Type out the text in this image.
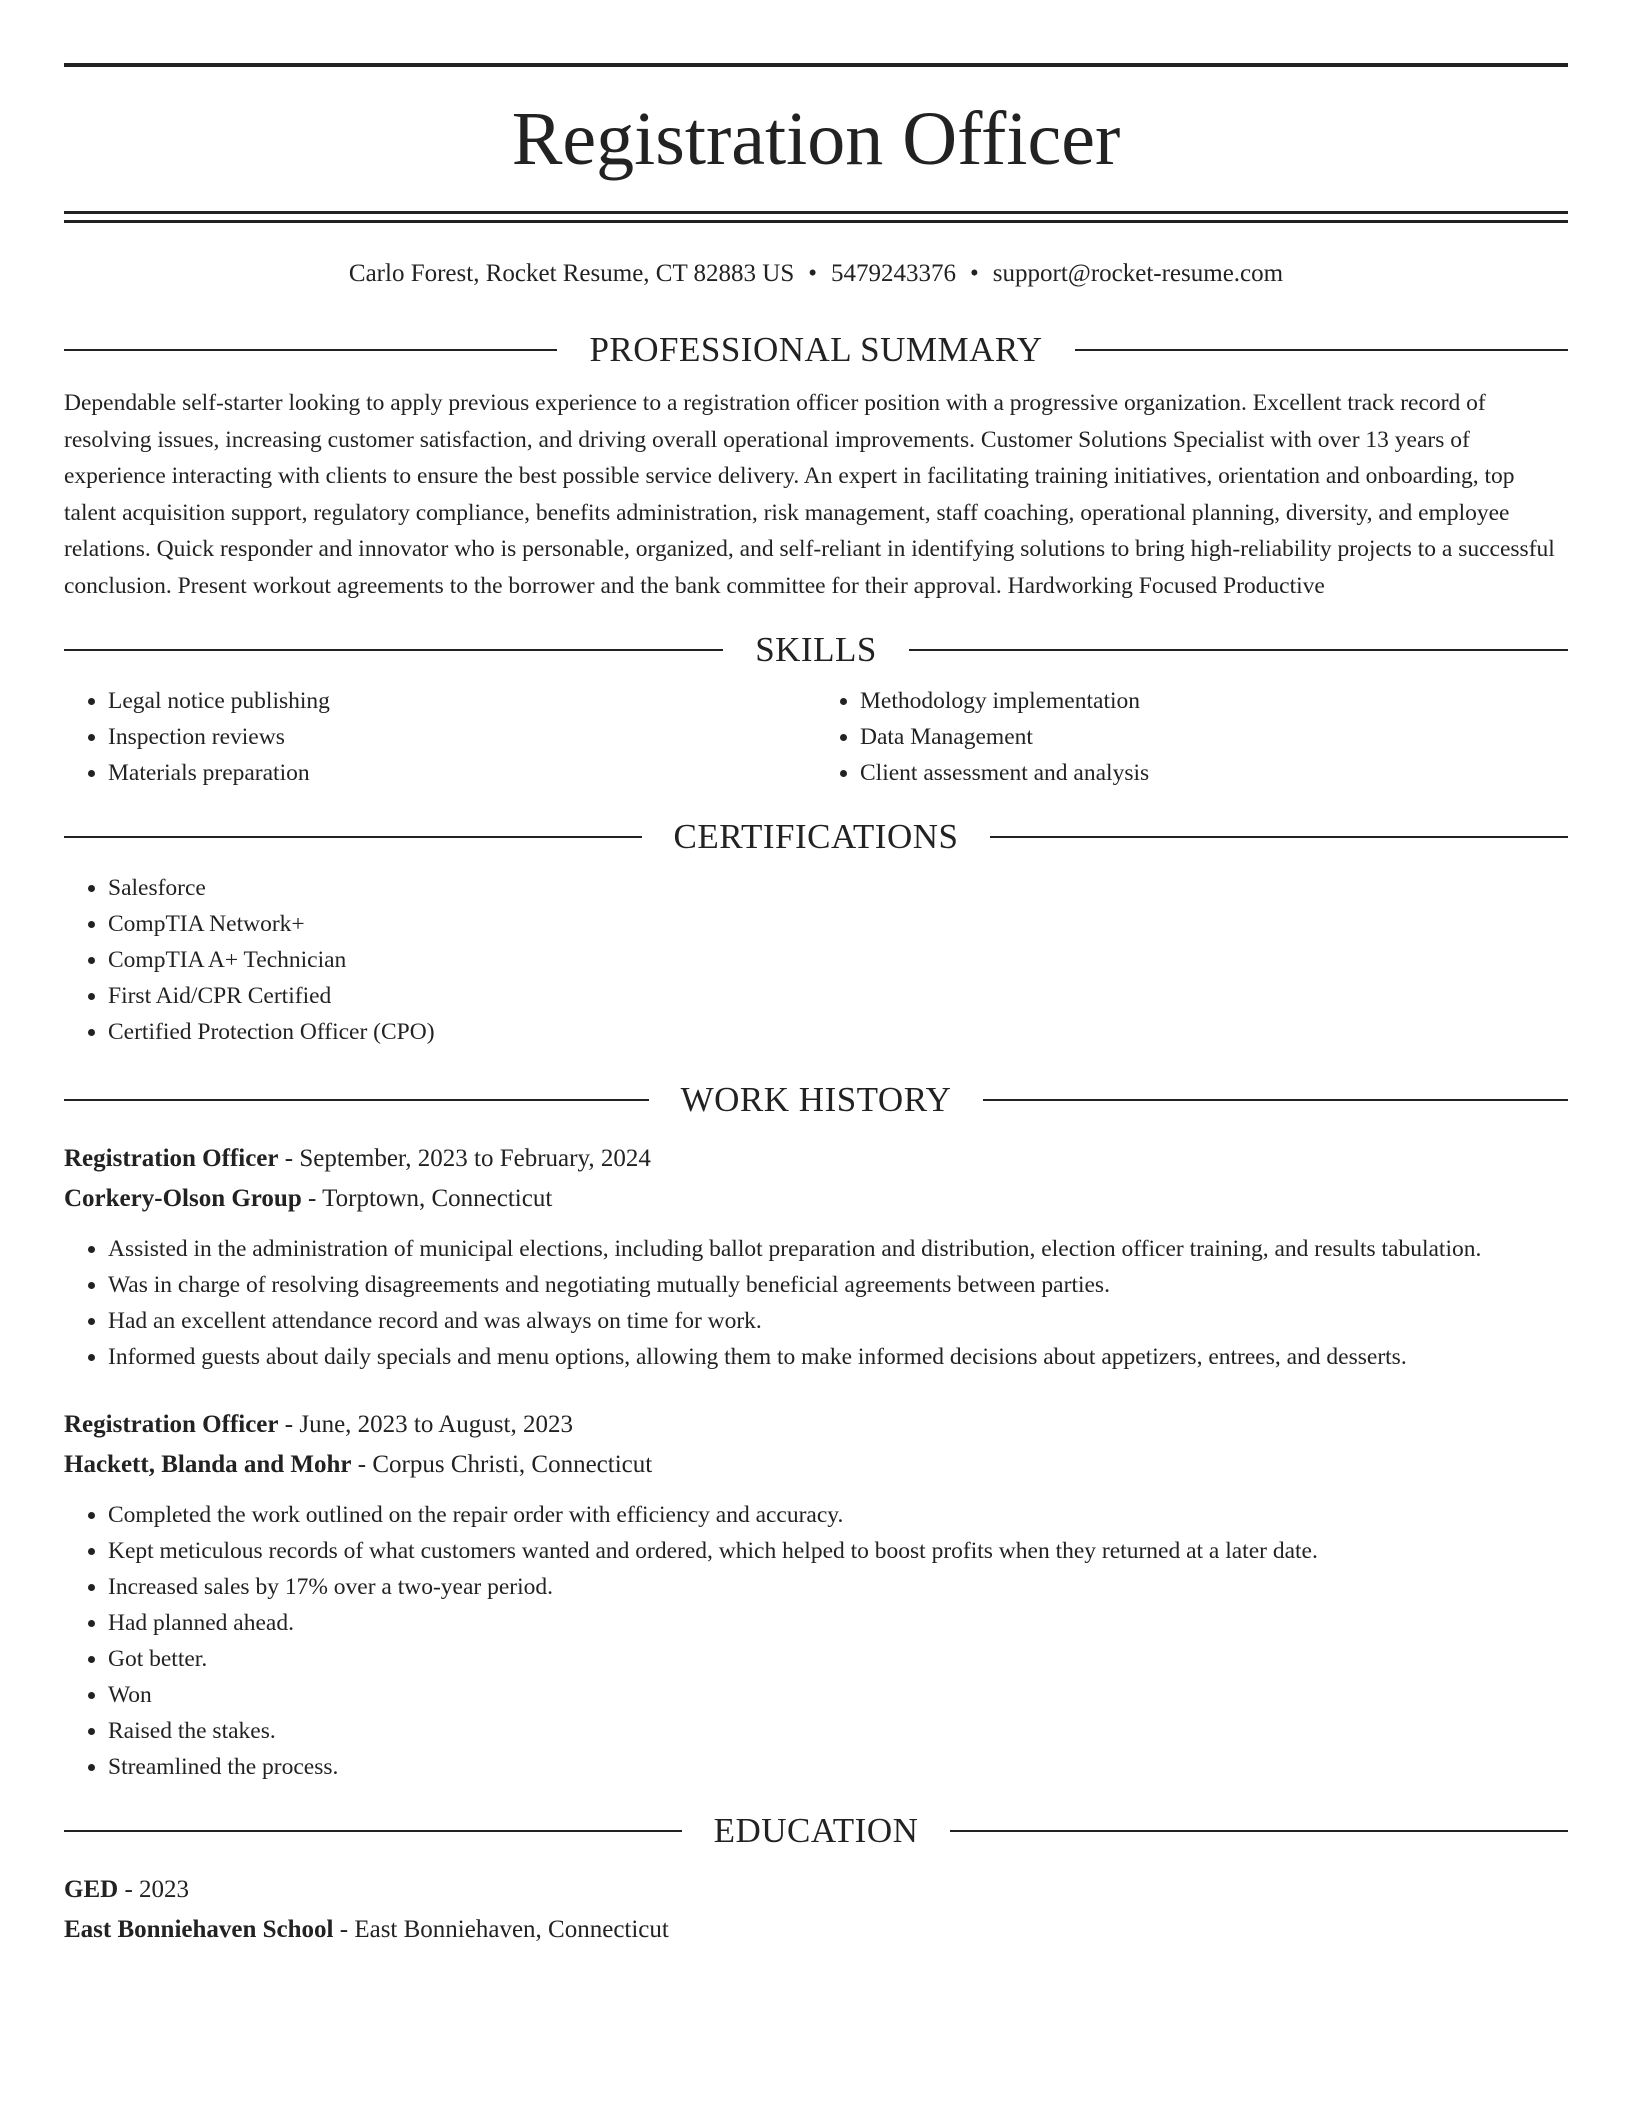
Registration Officer
Carlo Forest, Rocket Resume, CT 82883 US • 5479243376 • support@rocket-resume.com
PROFESSIONAL SUMMARY

Dependable self-starter looking to apply previous experience to a registration officer position with a progressive organization. Excellent track record of resolving issues, increasing customer satisfaction, and driving overall operational improvements. Customer Solutions Specialist with over 13 years of experience interacting with clients to ensure the best possible service delivery. An expert in facilitating training initiatives, orientation and onboarding, top talent acquisition support, regulatory compliance, benefits administration, risk management, staff coaching, operational planning, diversity, and employee relations. Quick responder and innovator who is personable, organized, and self-reliant in identifying solutions to bring high-reliability projects to a successful conclusion. Present workout agreements to the borrower and the bank committee for their approval. Hardworking Focused Productive

SKILLS
• Legal notice publishing
• Inspection reviews
• Materials preparation
• Methodology implementation
• Data Management
• Client assessment and analysis
CERTIFICATIONS
• Salesforce
• CompTIA Network+
• CompTIA A+ Technician
• First Aid/CPR Certified
• Certified Protection Officer (CPO)
WORK HISTORY
Registration Officer - September, 2023 to February, 2024
Corkery-Olson Group - Torptown, Connecticut
• Assisted in the administration of municipal elections, including ballot preparation and distribution, election officer training, and results tabulation.
• Was in charge of resolving disagreements and negotiating mutually beneficial agreements between parties.
• Had an excellent attendance record and was always on time for work.
• Informed guests about daily specials and menu options, allowing them to make informed decisions about appetizers, entrees, and desserts.
Registration Officer - June, 2023 to August, 2023
Hackett, Blanda and Mohr - Corpus Christi, Connecticut
• Completed the work outlined on the repair order with efficiency and accuracy.
• Kept meticulous records of what customers wanted and ordered, which helped to boost profits when they returned at a later date.
• Increased sales by 17% over a two-year period.
• Had planned ahead.
• Got better.
• Won
• Raised the stakes.
• Streamlined the process.
EDUCATION
GED - 2023
East Bonniehaven School - East Bonniehaven, Connecticut
